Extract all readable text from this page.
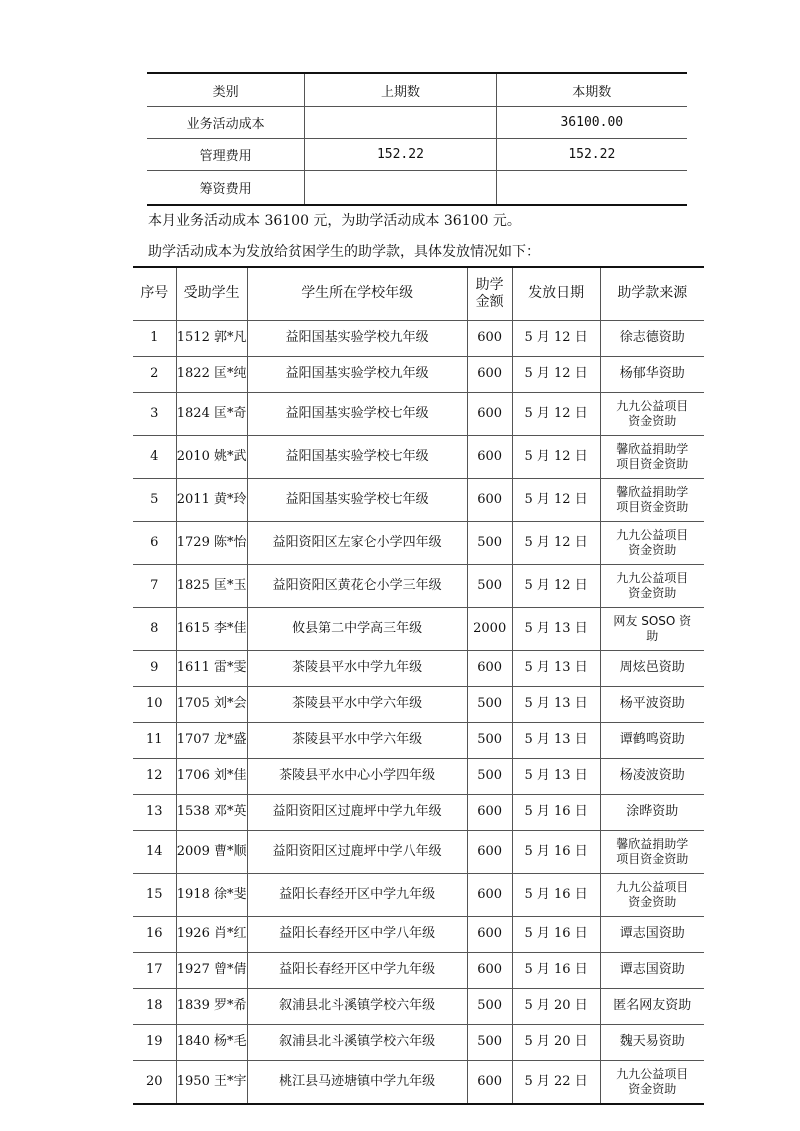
类别	上期数	本期数
业务活动成本		36100.00
管理费用	152.22	152.22
筹资费用		
本月业务活动成本 36100 元，为助学活动成本 36100 元。
助学活动成本为发放给贫困学生的助学款，具体发放情况如下：
序号	受助学生	学生所在学校年级	助学金额	发放日期	助学款来源
1	1512 郭*凡	益阳国基实验学校九年级	600	5 月 12 日	徐志德资助
2	1822 匡*纯	益阳国基实验学校九年级	600	5 月 12 日	杨郁华资助
3	1824 匡*奇	益阳国基实验学校七年级	600	5 月 12 日	九九公益项目资金资助
4	2010 姚*武	益阳国基实验学校七年级	600	5 月 12 日	馨欣益捐助学项目资金资助
5	2011 黄*玲	益阳国基实验学校七年级	600	5 月 12 日	馨欣益捐助学项目资金资助
6	1729 陈*怡	益阳资阳区左家仑小学四年级	500	5 月 12 日	九九公益项目资金资助
7	1825 匡*玉	益阳资阳区黄花仑小学三年级	500	5 月 12 日	九九公益项目资金资助
8	1615 李*佳	攸县第二中学高三年级	2000	5 月 13 日	网友 SOSO 资助
9	1611 雷*雯	茶陵县平水中学九年级	600	5 月 13 日	周炫邑资助
10	1705 刘*会	茶陵县平水中学六年级	500	5 月 13 日	杨平波资助
11	1707 龙*盛	茶陵县平水中学六年级	500	5 月 13 日	谭鹤鸣资助
12	1706 刘*佳	茶陵县平水中心小学四年级	500	5 月 13 日	杨凌波资助
13	1538 邓*英	益阳资阳区过鹿坪中学九年级	600	5 月 16 日	涂晔资助
14	2009 曹*顺	益阳资阳区过鹿坪中学八年级	600	5 月 16 日	馨欣益捐助学项目资金资助
15	1918 徐*斐	益阳长春经开区中学九年级	600	5 月 16 日	九九公益项目资金资助
16	1926 肖*红	益阳长春经开区中学八年级	600	5 月 16 日	谭志国资助
17	1927 曾*倩	益阳长春经开区中学九年级	600	5 月 16 日	谭志国资助
18	1839 罗*希	叙浦县北斗溪镇学校六年级	500	5 月 20 日	匿名网友资助
19	1840 杨*毛	叙浦县北斗溪镇学校六年级	500	5 月 20 日	魏天易资助
20	1950 王*宇	桃江县马迹塘镇中学九年级	600	5 月 22 日	九九公益项目资金资助
